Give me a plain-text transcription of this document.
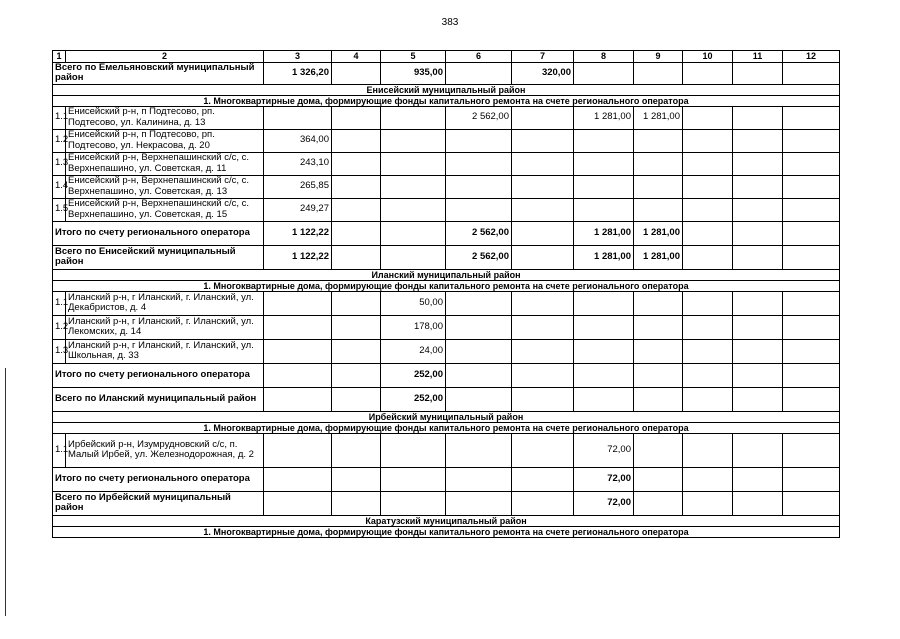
383
1	2	3	4	5	6	7	8	9	10	11	12
Всего по Емельяновский муниципальный район		1 326,20		935,00		320,00					
Енисейский муниципальный район											
1. Многоквартирные дома, формирующие фонды капитального ремонта на счете регионального оператора											
1.1	Енисейский р-н, п Подтесово, рп. Подтесово, ул. Калинина, д. 13				2 562,00		1 281,00	1 281,00			
1.2	Енисейский р-н, п Подтесово, рп. Подтесово, ул. Некрасова, д. 20	364,00									
1.3	Енисейский р-н, Верхнепашинский с/с, с. Верхнепашино, ул. Советская, д. 11	243,10									
1.4	Енисейский р-н, Верхнепашинский с/с, с. Верхнепашино, ул. Советская, д. 13	265,85									
1.5	Енисейский р-н, Верхнепашинский с/с, с. Верхнепашино, ул. Советская, д. 15	249,27									
Итого по счету регионального оператора		1 122,22			2 562,00		1 281,00	1 281,00			
Всего по Енисейский муниципальный район		1 122,22			2 562,00		1 281,00	1 281,00			
Иланский муниципальный район											
1. Многоквартирные дома, формирующие фонды капитального ремонта на счете регионального оператора											
1.1	Иланский р-н, г Иланский, г. Иланский, ул. Декабристов, д. 4			50,00							
1.2	Иланский р-н, г Иланский, г. Иланский, ул. Лекомских, д. 14			178,00							
1.3	Иланский р-н, г Иланский, г. Иланский, ул. Школьная, д. 33			24,00							
Итого по счету регионального оператора				252,00							
Всего по Иланский муниципальный район				252,00							
Ирбейский муниципальный район											
1. Многоквартирные дома, формирующие фонды капитального ремонта на счете регионального оператора											
1.1	Ирбейский р-н, Изумрудновский с/с, п. Малый Ирбей, ул. Железнодорожная, д. 2						72,00				
Итого по счету регионального оператора							72,00				
Всего по Ирбейский муниципальный район							72,00				
Каратузский муниципальный район											
1. Многоквартирные дома, формирующие фонды капитального ремонта на счете регионального оператора											
